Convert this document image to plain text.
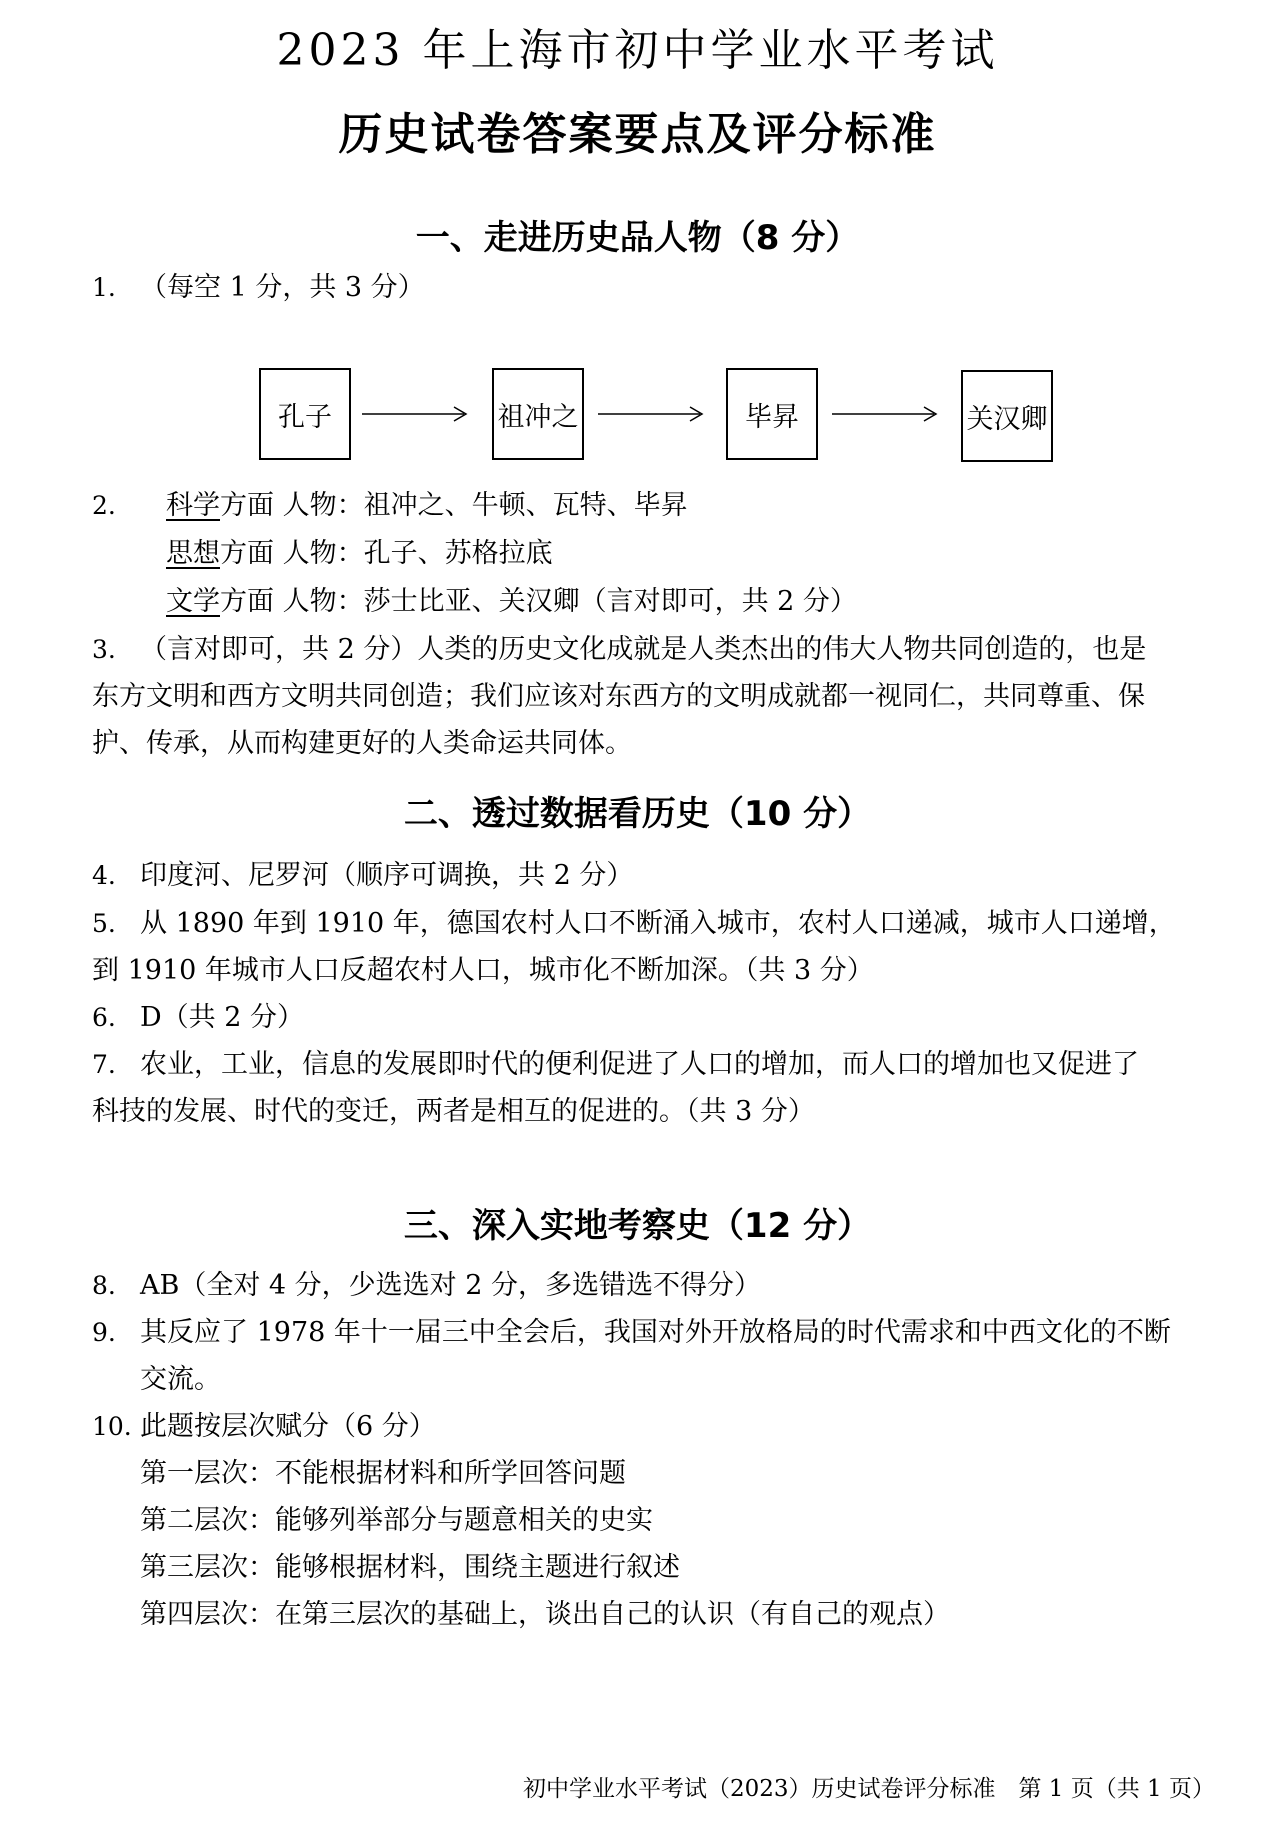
2023 年上海市初中学业水平考试
历史试卷答案要点及评分标准
一、走进历史品人物（8 分）
1. （每空 1 分，共 3 分）
孔子	祖冲之	毕昇	关汉卿
2.	科学方面 人物：祖冲之、牛顿、瓦特、毕昇
思想方面 人物：孔子、苏格拉底
文学方面 人物：莎士比亚、关汉卿（言对即可，共 2 分）
3. （言对即可，共 2 分）人类的历史文化成就是人类杰出的伟大人物共同创造的，也是
东方文明和西方文明共同创造；我们应该对东西方的文明成就都一视同仁，共同尊重、保
护、传承，从而构建更好的人类命运共同体。
二、透过数据看历史（10 分）
4. 印度河、尼罗河（顺序可调换，共 2 分）
5. 从 1890 年到 1910 年，德国农村人口不断涌入城市，农村人口递减，城市人口递增，
到 1910 年城市人口反超农村人口，城市化不断加深。（共 3 分）
6. D（共 2 分）
7. 农业，工业，信息的发展即时代的便利促进了人口的增加，而人口的增加也又促进了
科技的发展、时代的变迁，两者是相互的促进的。（共 3 分）
三、深入实地考察史（12 分）
8. AB（全对 4 分，少选选对 2 分，多选错选不得分）
9. 其反应了 1978 年十一届三中全会后，我国对外开放格局的时代需求和中西文化的不断
交流。
10. 此题按层次赋分（6 分）
第一层次：不能根据材料和所学回答问题
第二层次：能够列举部分与题意相关的史实
第三层次：能够根据材料，围绕主题进行叙述
第四层次：在第三层次的基础上，谈出自己的认识（有自己的观点）
初中学业水平考试（2023）历史试卷评分标准　第 1 页（共 1 页）
